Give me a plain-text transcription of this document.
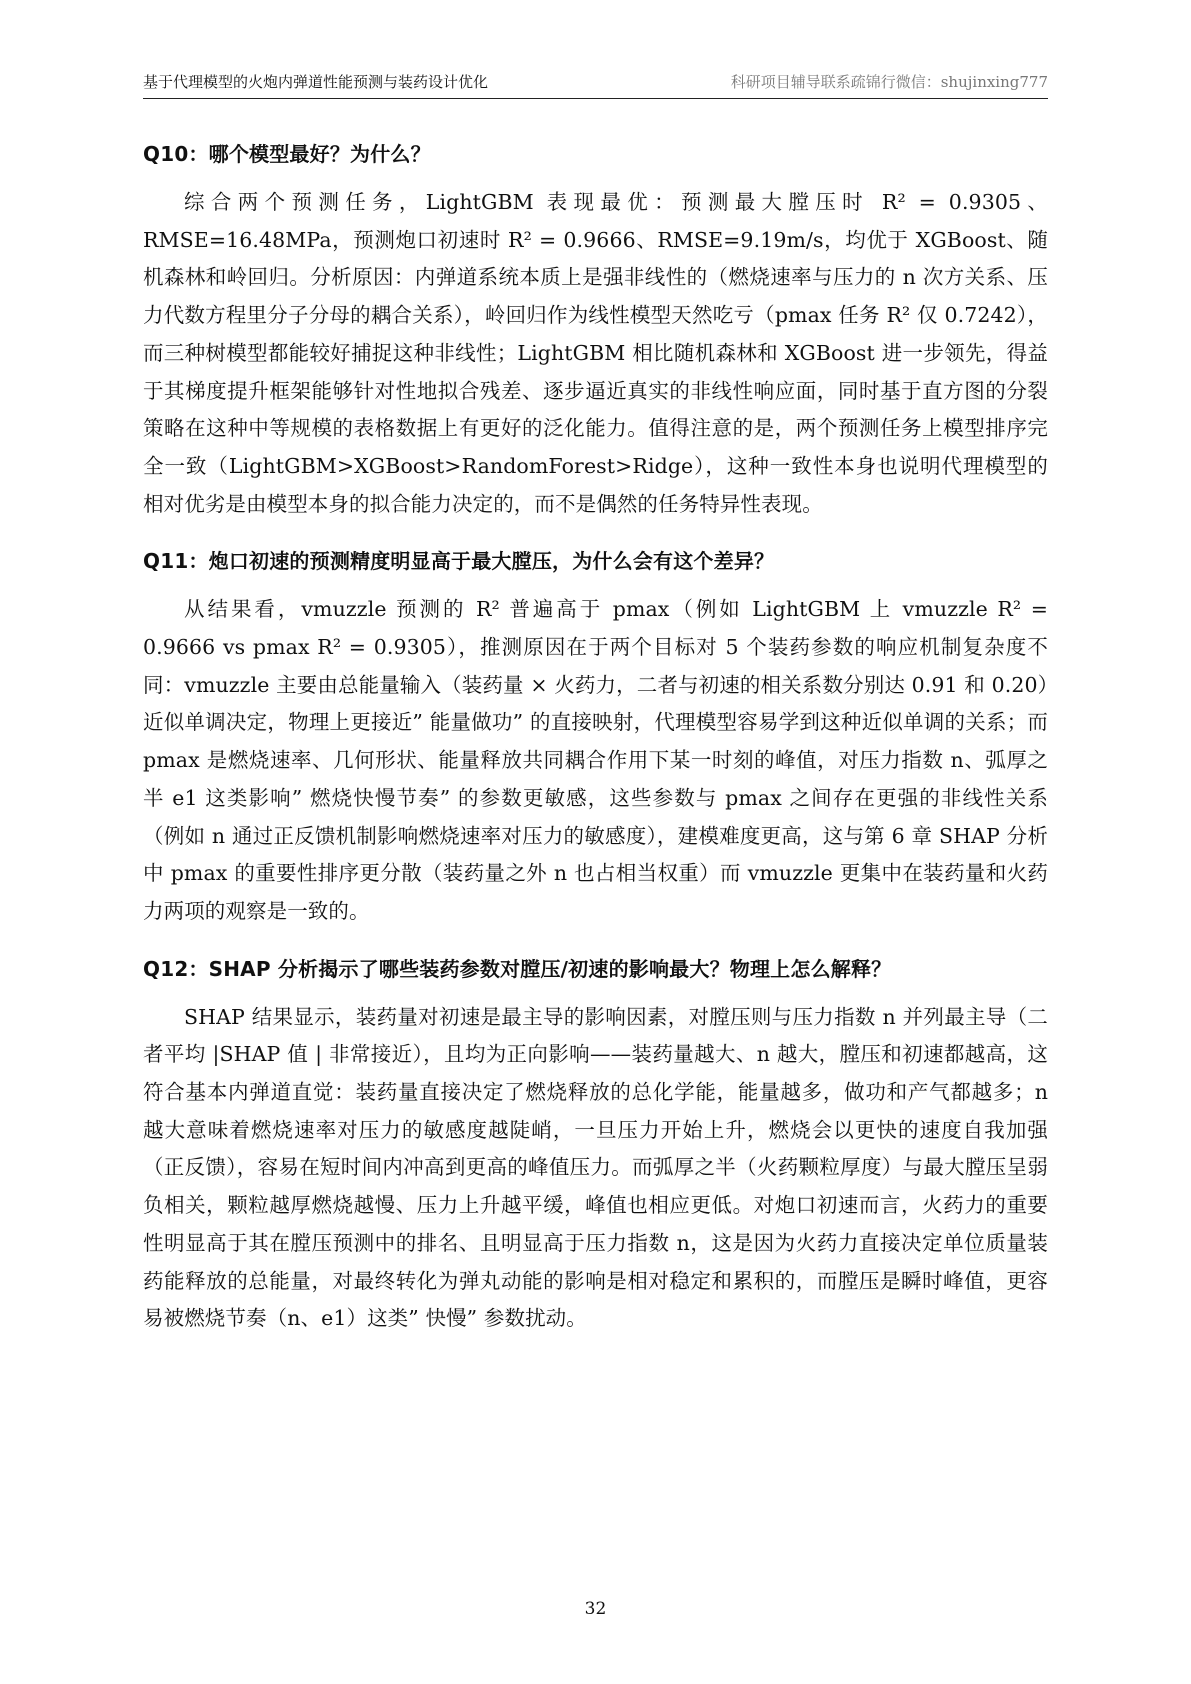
基于代理模型的火炮内弹道性能预测与装药设计优化	科研项目辅导联系疏锦行微信：shujinxing777
Q10：哪个模型最好？为什么？

综合两个预测任务，LightGBM 表现最优：预测最大膛压时 R² = 0.9305、RMSE=16.48MPa，预测炮口初速时 R² = 0.9666、RMSE=9.19m/s，均优于 XGBoost、随机森林和岭回归。分析原因：内弹道系统本质上是强非线性的（燃烧速率与压力的 n 次方关系、压力代数方程里分子分母的耦合关系），岭回归作为线性模型天然吃亏（pmax 任务 R² 仅 0.7242），而三种树模型都能较好捕捉这种非线性；LightGBM 相比随机森林和 XGBoost 进一步领先，得益于其梯度提升框架能够针对性地拟合残差、逐步逼近真实的非线性响应面，同时基于直方图的分裂策略在这种中等规模的表格数据上有更好的泛化能力。值得注意的是，两个预测任务上模型排序完全一致（LightGBM>XGBoost>RandomForest>Ridge），这种一致性本身也说明代理模型的相对优劣是由模型本身的拟合能力决定的，而不是偶然的任务特异性表现。

Q11：炮口初速的预测精度明显高于最大膛压，为什么会有这个差异？

从结果看，vmuzzle 预测的 R² 普遍高于 pmax（例如 LightGBM 上 vmuzzle R² = 0.9666 vs pmax R² = 0.9305），推测原因在于两个目标对 5 个装药参数的响应机制复杂度不同：vmuzzle 主要由总能量输入（装药量 × 火药力，二者与初速的相关系数分别达 0.91 和 0.20）近似单调决定，物理上更接近” 能量做功” 的直接映射，代理模型容易学到这种近似单调的关系；而 pmax 是燃烧速率、几何形状、能量释放共同耦合作用下某一时刻的峰值，对压力指数 n、弧厚之半 e1 这类影响” 燃烧快慢节奏” 的参数更敏感，这些参数与 pmax 之间存在更强的非线性关系（例如 n 通过正反馈机制影响燃烧速率对压力的敏感度），建模难度更高，这与第 6 章 SHAP 分析中 pmax 的重要性排序更分散（装药量之外 n 也占相当权重）而 vmuzzle 更集中在装药量和火药力两项的观察是一致的。

Q12：SHAP 分析揭示了哪些装药参数对膛压/初速的影响最大？物理上怎么解释？

SHAP 结果显示，装药量对初速是最主导的影响因素，对膛压则与压力指数 n 并列最主导（二者平均 |SHAP 值 | 非常接近），且均为正向影响——装药量越大、n 越大，膛压和初速都越高，这符合基本内弹道直觉：装药量直接决定了燃烧释放的总化学能，能量越多，做功和产气都越多；n 越大意味着燃烧速率对压力的敏感度越陡峭，一旦压力开始上升，燃烧会以更快的速度自我加强（正反馈），容易在短时间内冲高到更高的峰值压力。而弧厚之半（火药颗粒厚度）与最大膛压呈弱负相关，颗粒越厚燃烧越慢、压力上升越平缓，峰值也相应更低。对炮口初速而言，火药力的重要性明显高于其在膛压预测中的排名、且明显高于压力指数 n，这是因为火药力直接决定单位质量装药能释放的总能量，对最终转化为弹丸动能的影响是相对稳定和累积的，而膛压是瞬时峰值，更容易被燃烧节奏（n、e1）这类” 快慢” 参数扰动。

32
